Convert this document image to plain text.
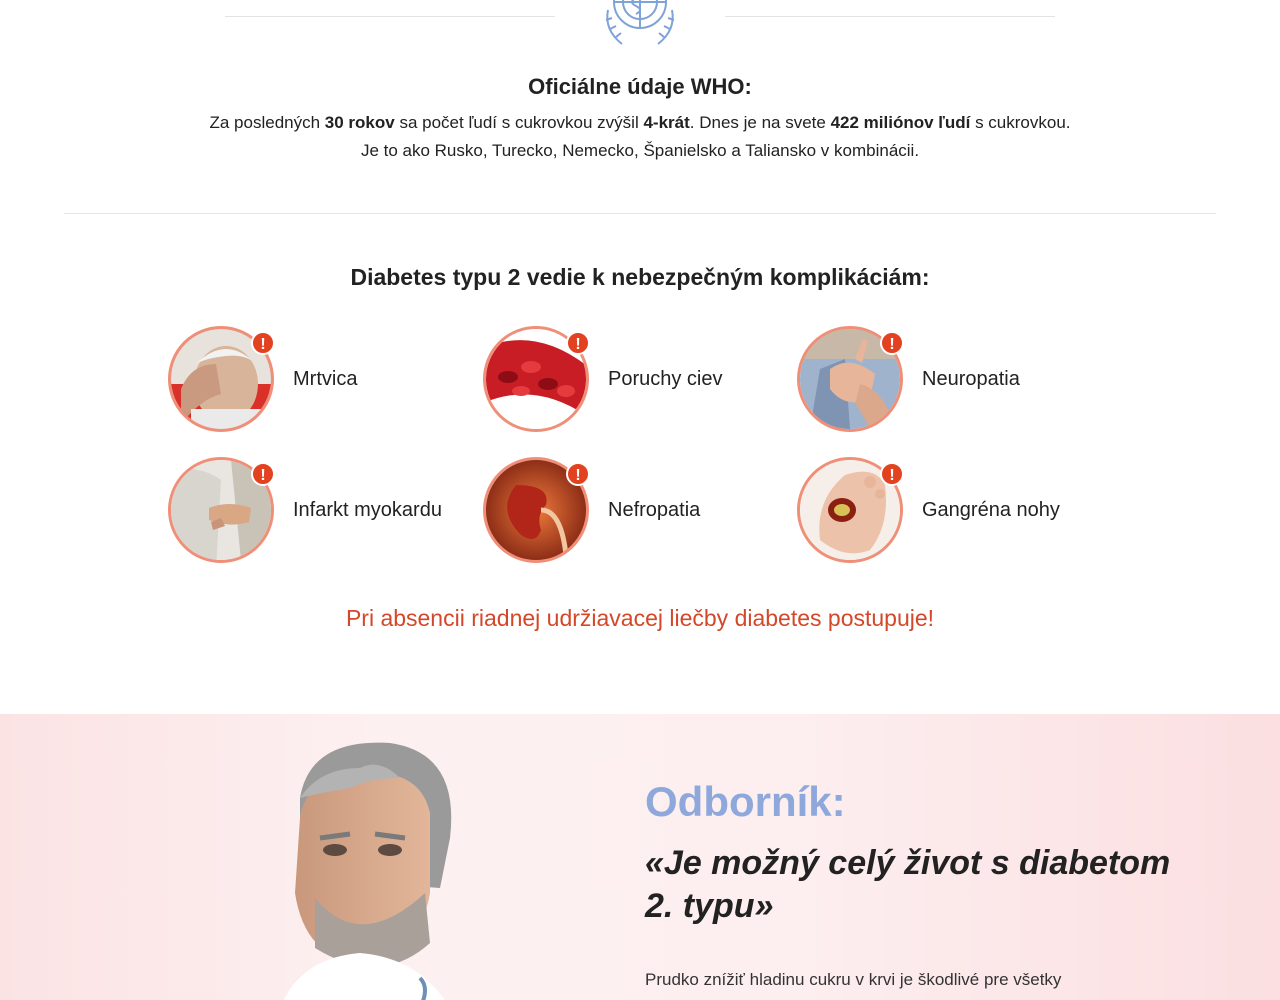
Oficiálne údaje WHO:
Za posledných 30 rokov sa počet ľudí s cukrovkou zvýšil 4-krát. Dnes je na svete 422 miliónov ľudí s cukrovkou.
Je to ako Rusko, Turecko, Nemecko, Španielsko a Taliansko v kombinácii.
Diabetes typu 2 vedie k nebezpečným komplikáciám:
!
Mrtvica
!
Poruchy ciev
!
Neuropatia
!
Infarkt myokardu
!
Nefropatia
!
Gangréna nohy
Pri absencii riadnej udržiavacej liečby diabetes postupuje!
Odborník:
«Je možný celý život s diabetom 2. typu»
Prudko znížiť hladinu cukru v krvi je škodlivé pre všetky
